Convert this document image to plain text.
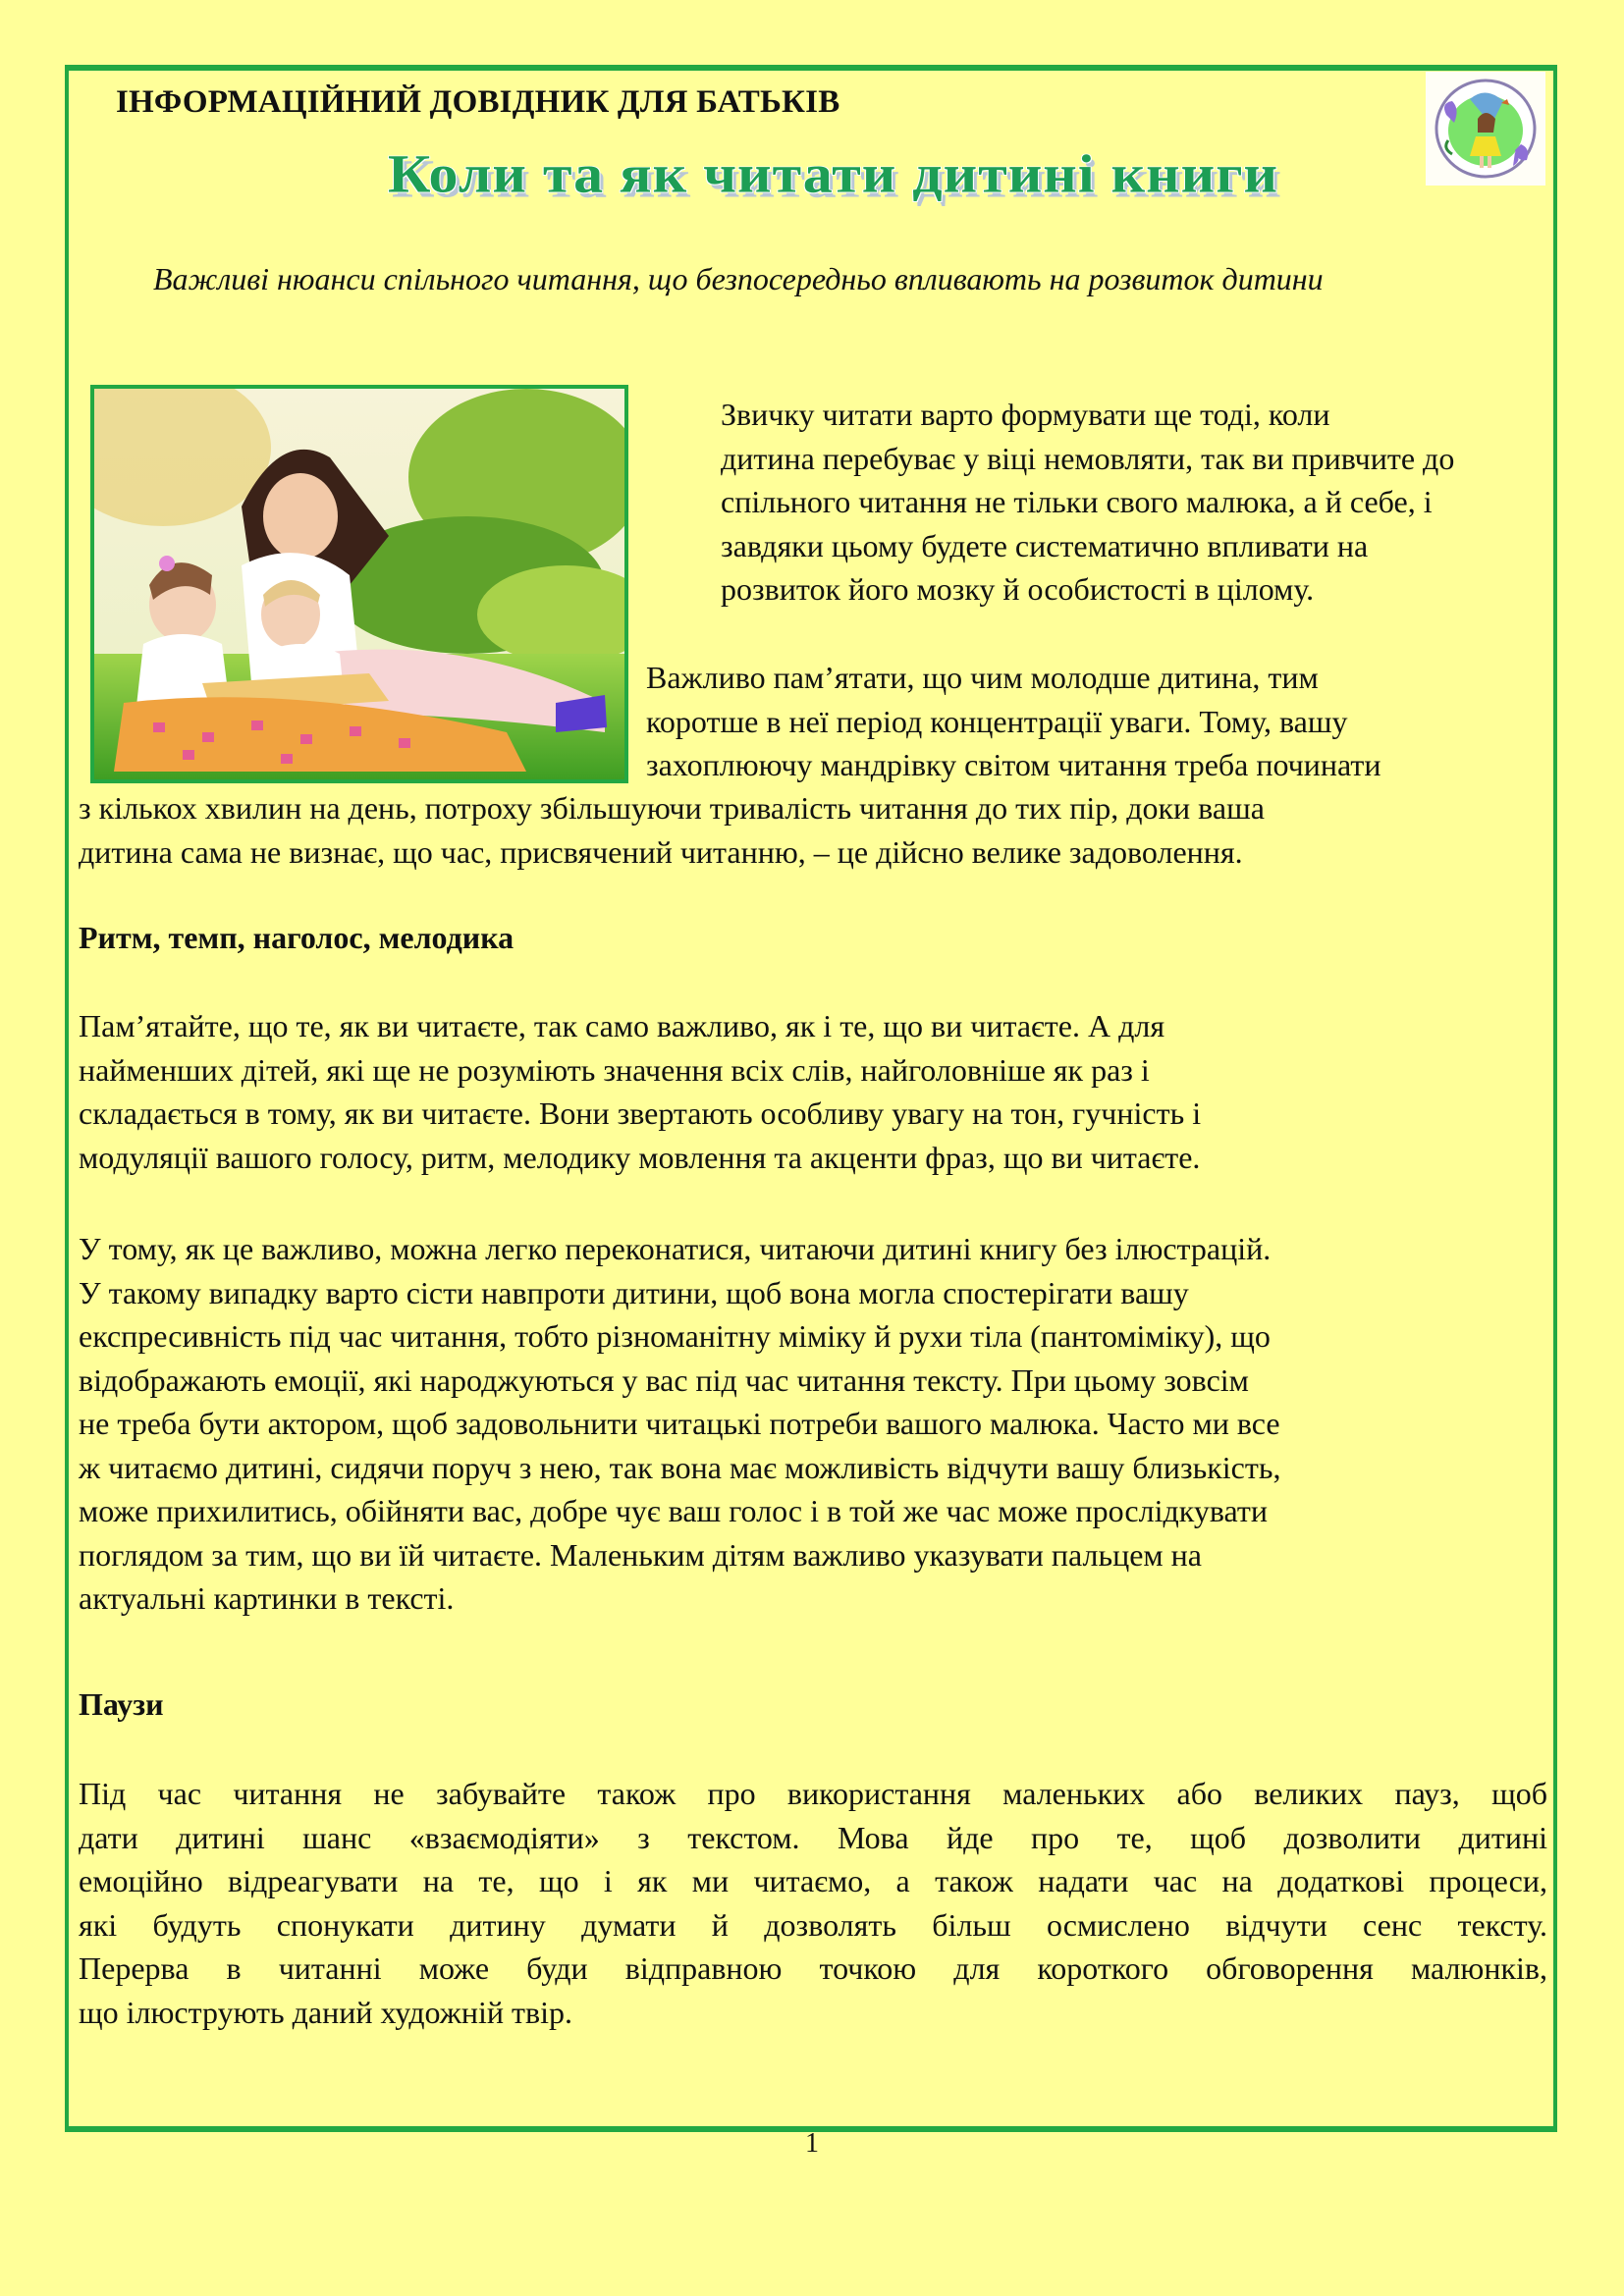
ІНФОРМАЦІЙНИЙ ДОВІДНИК ДЛЯ БАТЬКІВ
Коли та як читати дитині книги
Важливі нюанси спільного читання, що безпосередньо впливають на розвиток дитини
Звичку читати варто формувати ще тоді, коли
дитина перебуває у віці немовляти, так ви привчите до
спільного читання не тільки свого малюка, а й себе, і
завдяки цьому будете систематично впливати на
розвиток його мозку й особистості в цілому.
Важливо пам’ятати, що чим молодше дитина, тим
коротше в неї період концентрації уваги. Тому, вашу
захоплюючу мандрівку світом читання треба починати
з кількох хвилин на день, потроху збільшуючи тривалість читання до тих пір, доки ваша
дитина сама не визнає, що час, присвячений читанню, – це дійсно велике задоволення.
Ритм, темп, наголос, мелодика
Пам’ятайте, що те, як ви читаєте, так само важливо, як і те, що ви читаєте. А для
найменших дітей, які ще не розуміють значення всіх слів, найголовніше як раз і
складається в тому, як ви читаєте. Вони звертають особливу увагу на тон, гучність і
модуляції вашого голосу, ритм, мелодику мовлення та акценти фраз, що ви читаєте.
У тому, як це важливо, можна легко переконатися, читаючи дитині книгу без ілюстрацій.
У такому випадку варто сісти навпроти дитини, щоб вона могла спостерігати вашу
експресивність під час читання, тобто різноманітну міміку й рухи тіла (пантоміміку), що
відображають емоції, які народжуються у вас під час читання тексту. При цьому зовсім
не треба бути актором, щоб задовольнити читацькі потреби вашого малюка. Часто ми все
ж читаємо дитині, сидячи поруч з нею, так вона має можливість відчути вашу близькість,
може прихилитись, обійняти вас, добре чує ваш голос і в той же час може прослідкувати
поглядом за тим, що ви їй читаєте. Маленьким дітям важливо указувати пальцем на
актуальні картинки в тексті.
Паузи
Під час читання не забувайте також про використання маленьких або великих пауз, щоб
дати дитині шанс «взаємодіяти» з текстом. Мова йде про те, щоб дозволити дитині
емоційно відреагувати на те, що і як ми читаємо, а також надати час на додаткові процеси,
які будуть спонукати дитину думати й дозволять більш осмислено відчути сенс тексту.
Перерва в читанні може буди відправною точкою для короткого обговорення малюнків,
що ілюструють даний художній твір.
1
